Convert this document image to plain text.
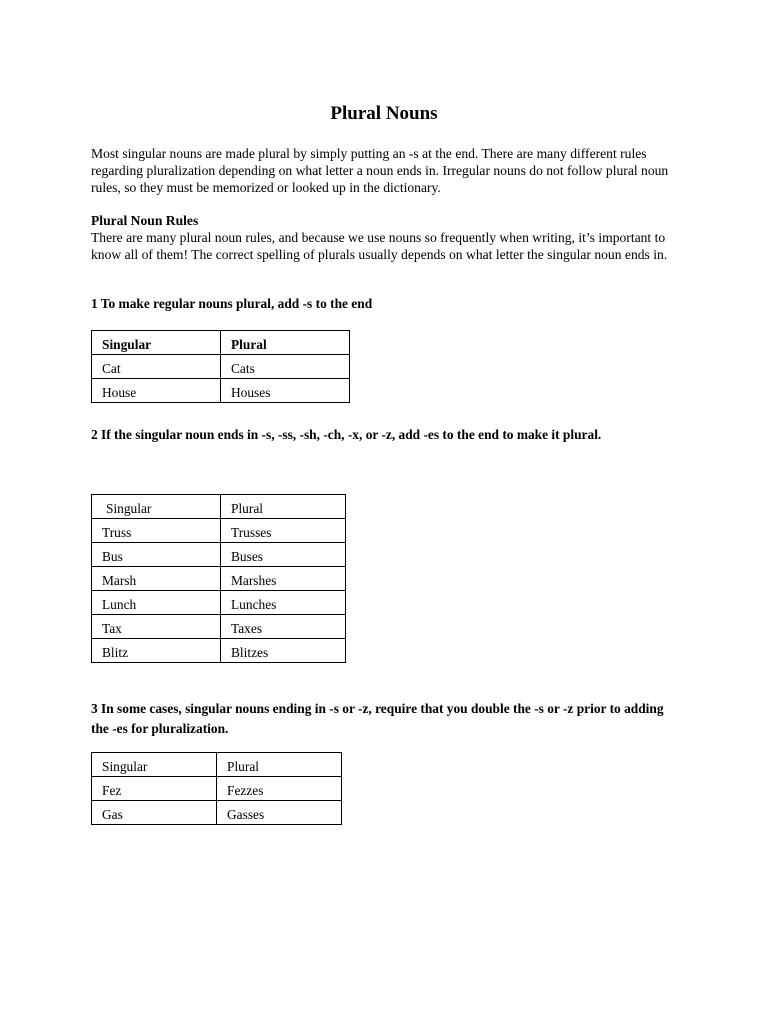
Plural Nouns

Most singular nouns are made plural by simply putting an -s at the end. There are many different rules regarding pluralization depending on what letter a noun ends in. Irregular nouns do not follow plural noun rules, so they must be memorized or looked up in the dictionary.

Plural Noun Rules
There are many plural noun rules, and because we use nouns so frequently when writing, it’s important to know all of them! The correct spelling of plurals usually depends on what letter the singular noun ends in.
1 To make regular nouns plural, add -s to the end
Singular	Plural
Cat	Cats
House	Houses
2 If the singular noun ends in -s, -ss, -sh, -ch, -x, or -z, add -es to the end to make it plural.
Singular	Plural
Truss	Trusses
Bus	Buses
Marsh	Marshes
Lunch	Lunches
Tax	Taxes
Blitz	Blitzes
3 In some cases, singular nouns ending in -s or -z, require that you double the -s or -z prior to adding the -es for pluralization.
Singular	Plural
Fez	Fezzes
Gas	Gasses
